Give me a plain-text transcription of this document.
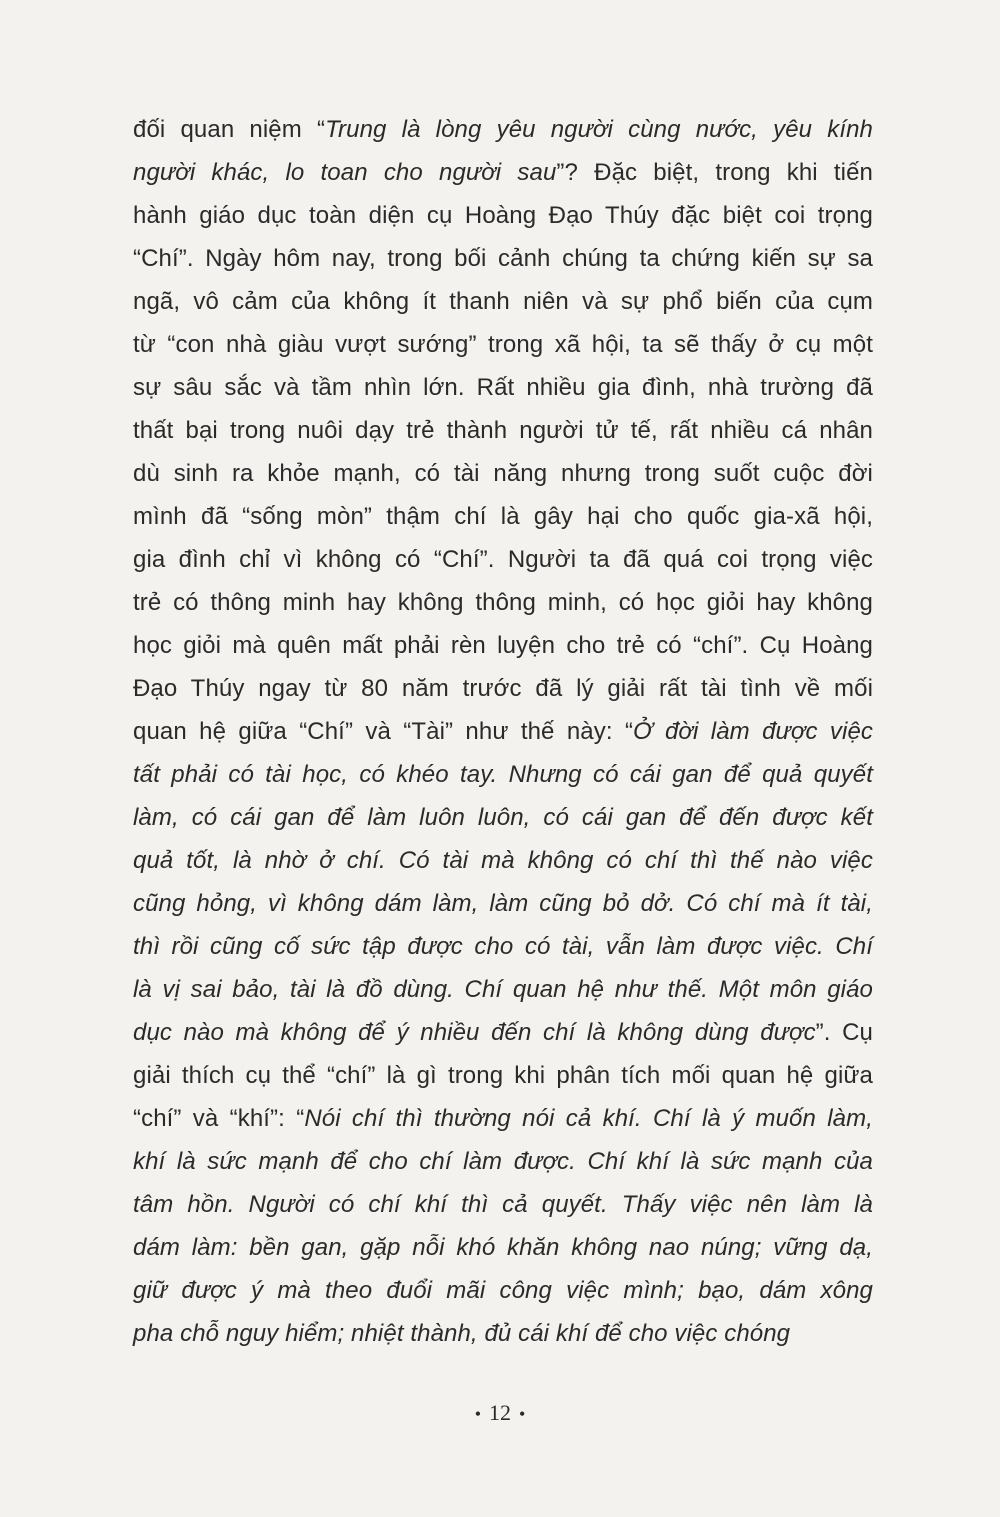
đối quan niệm “Trung là lòng yêu người cùng nước, yêu kính
người khác, lo toan cho người sau”? Đặc biệt, trong khi tiến
hành giáo dục toàn diện cụ Hoàng Đạo Thúy đặc biệt coi trọng
“Chí”. Ngày hôm nay, trong bối cảnh chúng ta chứng kiến sự sa
ngã, vô cảm của không ít thanh niên và sự phổ biến của cụm
từ “con nhà giàu vượt sướng” trong xã hội, ta sẽ thấy ở cụ một
sự sâu sắc và tầm nhìn lớn. Rất nhiều gia đình, nhà trường đã
thất bại trong nuôi dạy trẻ thành người tử tế, rất nhiều cá nhân
dù sinh ra khỏe mạnh, có tài năng nhưng trong suốt cuộc đời
mình đã “sống mòn” thậm chí là gây hại cho quốc gia-xã hội,
gia đình chỉ vì không có “Chí”. Người ta đã quá coi trọng việc
trẻ có thông minh hay không thông minh, có học giỏi hay không
học giỏi mà quên mất phải rèn luyện cho trẻ có “chí”. Cụ Hoàng
Đạo Thúy ngay từ 80 năm trước đã lý giải rất tài tình về mối
quan hệ giữa “Chí” và “Tài” như thế này: “Ở đời làm được việc
tất phải có tài học, có khéo tay. Nhưng có cái gan để quả quyết
làm, có cái gan để làm luôn luôn, có cái gan để đến được kết
quả tốt, là nhờ ở chí. Có tài mà không có chí thì thế nào việc
cũng hỏng, vì không dám làm, làm cũng bỏ dở. Có chí mà ít tài,
thì rồi cũng cố sức tập được cho có tài, vẫn làm được việc. Chí
là vị sai bảo, tài là đồ dùng. Chí quan hệ như thế. Một môn giáo
dục nào mà không để ý nhiều đến chí là không dùng được”. Cụ
giải thích cụ thể “chí” là gì trong khi phân tích mối quan hệ giữa
“chí” và “khí”: “Nói chí thì thường nói cả khí. Chí là ý muốn làm,
khí là sức mạnh để cho chí làm được. Chí khí là sức mạnh của
tâm hồn. Người có chí khí thì cả quyết. Thấy việc nên làm là
dám làm: bền gan, gặp nỗi khó khăn không nao núng; vững dạ,
giữ được ý mà theo đuổi mãi công việc mình; bạo, dám xông
pha chỗ nguy hiểm; nhiệt thành, đủ cái khí để cho việc chóng
• 12 •
